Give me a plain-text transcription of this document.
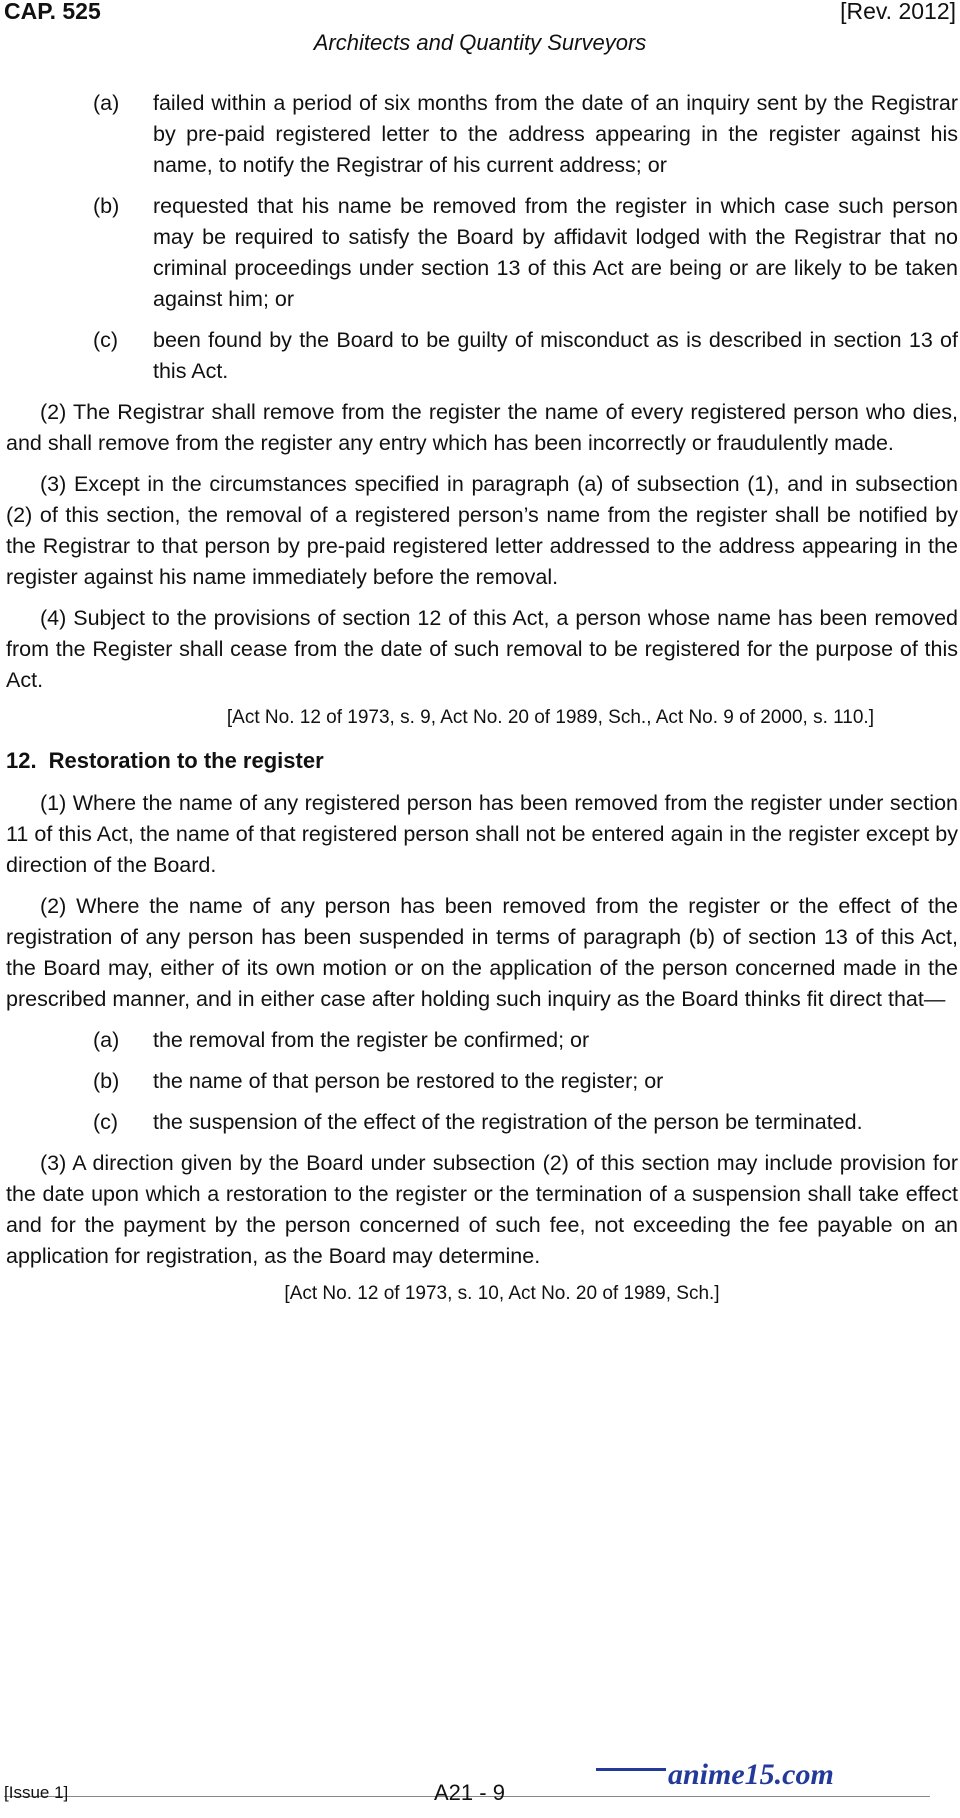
CAP. 525	[Rev. 2012]
Architects and Quantity Surveyors
(a) failed within a period of six months from the date of an inquiry sent by the Registrar by pre-paid registered letter to the address appearing in the register against his name, to notify the Registrar of his current address; or
(b) requested that his name be removed from the register in which case such person may be required to satisfy the Board by affidavit lodged with the Registrar that no criminal proceedings under section 13 of this Act are being or are likely to be taken against him; or
(c) been found by the Board to be guilty of misconduct as is described in section 13 of this Act.

(2) The Registrar shall remove from the register the name of every registered person who dies, and shall remove from the register any entry which has been incorrectly or fraudulently made.

(3) Except in the circumstances specified in paragraph (a) of subsection (1), and in subsection (2) of this section, the removal of a registered person’s name from the register shall be notified by the Registrar to that person by pre-paid registered letter addressed to the address appearing in the register against his name immediately before the removal.

(4) Subject to the provisions of section 12 of this Act, a person whose name has been removed from the Register shall cease from the date of such removal to be registered for the purpose of this Act.

[Act No. 12 of 1973, s. 9, Act No. 20 of 1989, Sch., Act No. 9 of 2000, s. 110.]
12. Restoration to the register

(1) Where the name of any registered person has been removed from the register under section 11 of this Act, the name of that registered person shall not be entered again in the register except by direction of the Board.

(2) Where the name of any person has been removed from the register or the effect of the registration of any person has been suspended in terms of paragraph (b) of section 13 of this Act, the Board may, either of its own motion or on the application of the person concerned made in the prescribed manner, and in either case after holding such inquiry as the Board thinks fit direct that—

(a) the removal from the register be confirmed; or
(b) the name of that person be restored to the register; or
(c) the suspension of the effect of the registration of the person be terminated.

(3) A direction given by the Board under subsection (2) of this section may include provision for the date upon which a restoration to the register or the termination of a suspension shall take effect and for the payment by the person concerned of such fee, not exceeding the fee payable on an application for registration, as the Board may determine.

[Act No. 12 of 1973, s. 10, Act No. 20 of 1989, Sch.]
anime15.com
[Issue 1]	A21 - 9
